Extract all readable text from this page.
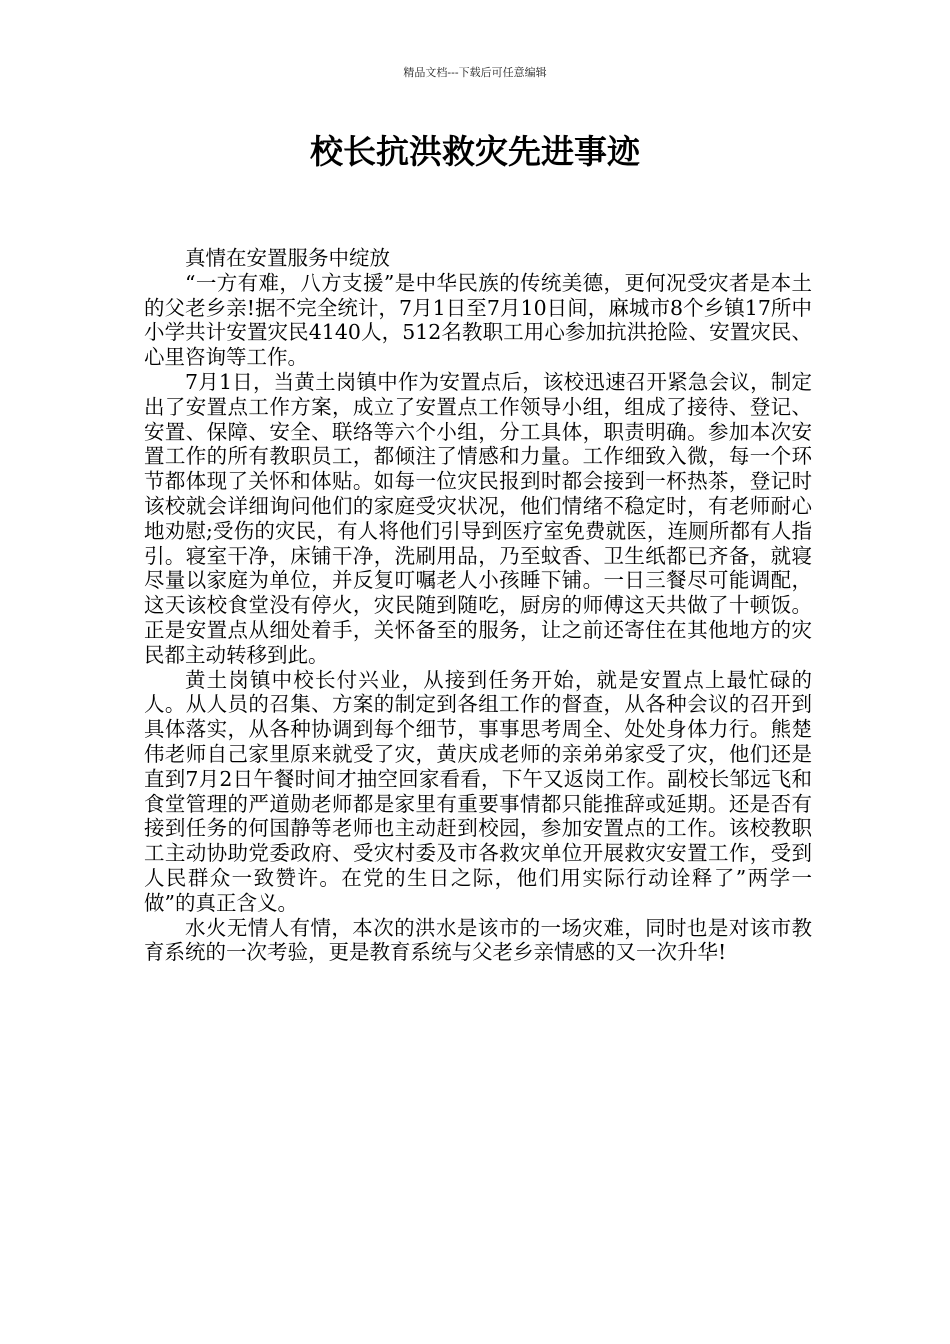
精品文档---下载后可任意编辑
校长抗洪救灾先进事迹

真情在安置服务中绽放

“一方有难，八方支援”是中华民族的传统美德，更何况受灾者是本土的父老乡亲!据不完全统计，7月1日至7月10日间，麻城市8个乡镇17所中小学共计安置灾民4140人，512名教职工用心参加抗洪抢险、安置灾民、心里咨询等工作。

7月1日，当黄土岗镇中作为安置点后，该校迅速召开紧急会议，制定出了安置点工作方案，成立了安置点工作领导小组，组成了接待、登记、安置、保障、安全、联络等六个小组，分工具体，职责明确。参加本次安置工作的所有教职员工，都倾注了情感和力量。工作细致入微，每一个环节都体现了关怀和体贴。如每一位灾民报到时都会接到一杯热茶，登记时该校就会详细询问他们的家庭受灾状况，他们情绪不稳定时，有老师耐心地劝慰;受伤的灾民，有人将他们引导到医疗室免费就医，连厕所都有人指引。寝室干净，床铺干净，洗刷用品，乃至蚊香、卫生纸都已齐备，就寝尽量以家庭为单位，并反复叮嘱老人小孩睡下铺。一日三餐尽可能调配，这天该校食堂没有停火，灾民随到随吃，厨房的师傅这天共做了十顿饭。正是安置点从细处着手，关怀备至的服务，让之前还寄住在其他地方的灾民都主动转移到此。

黄土岗镇中校长付兴业，从接到任务开始，就是安置点上最忙碌的人。从人员的召集、方案的制定到各组工作的督查，从各种会议的召开到具体落实，从各种协调到每个细节，事事思考周全、处处身体力行。熊楚伟老师自己家里原来就受了灾，黄庆成老师的亲弟弟家受了灾，他们还是直到7月2日午餐时间才抽空回家看看，下午又返岗工作。副校长邹远飞和食堂管理的严道勋老师都是家里有重要事情都只能推辞或延期。还是否有接到任务的何国静等老师也主动赶到校园，参加安置点的工作。该校教职工主动协助党委政府、受灾村委及市各救灾单位开展救灾安置工作，受到人民群众一致赞许。在党的生日之际，他们用实际行动诠释了”两学一做”的真正含义。

水火无情人有情，本次的洪水是该市的一场灾难，同时也是对该市教育系统的一次考验，更是教育系统与父老乡亲情感的又一次升华!
